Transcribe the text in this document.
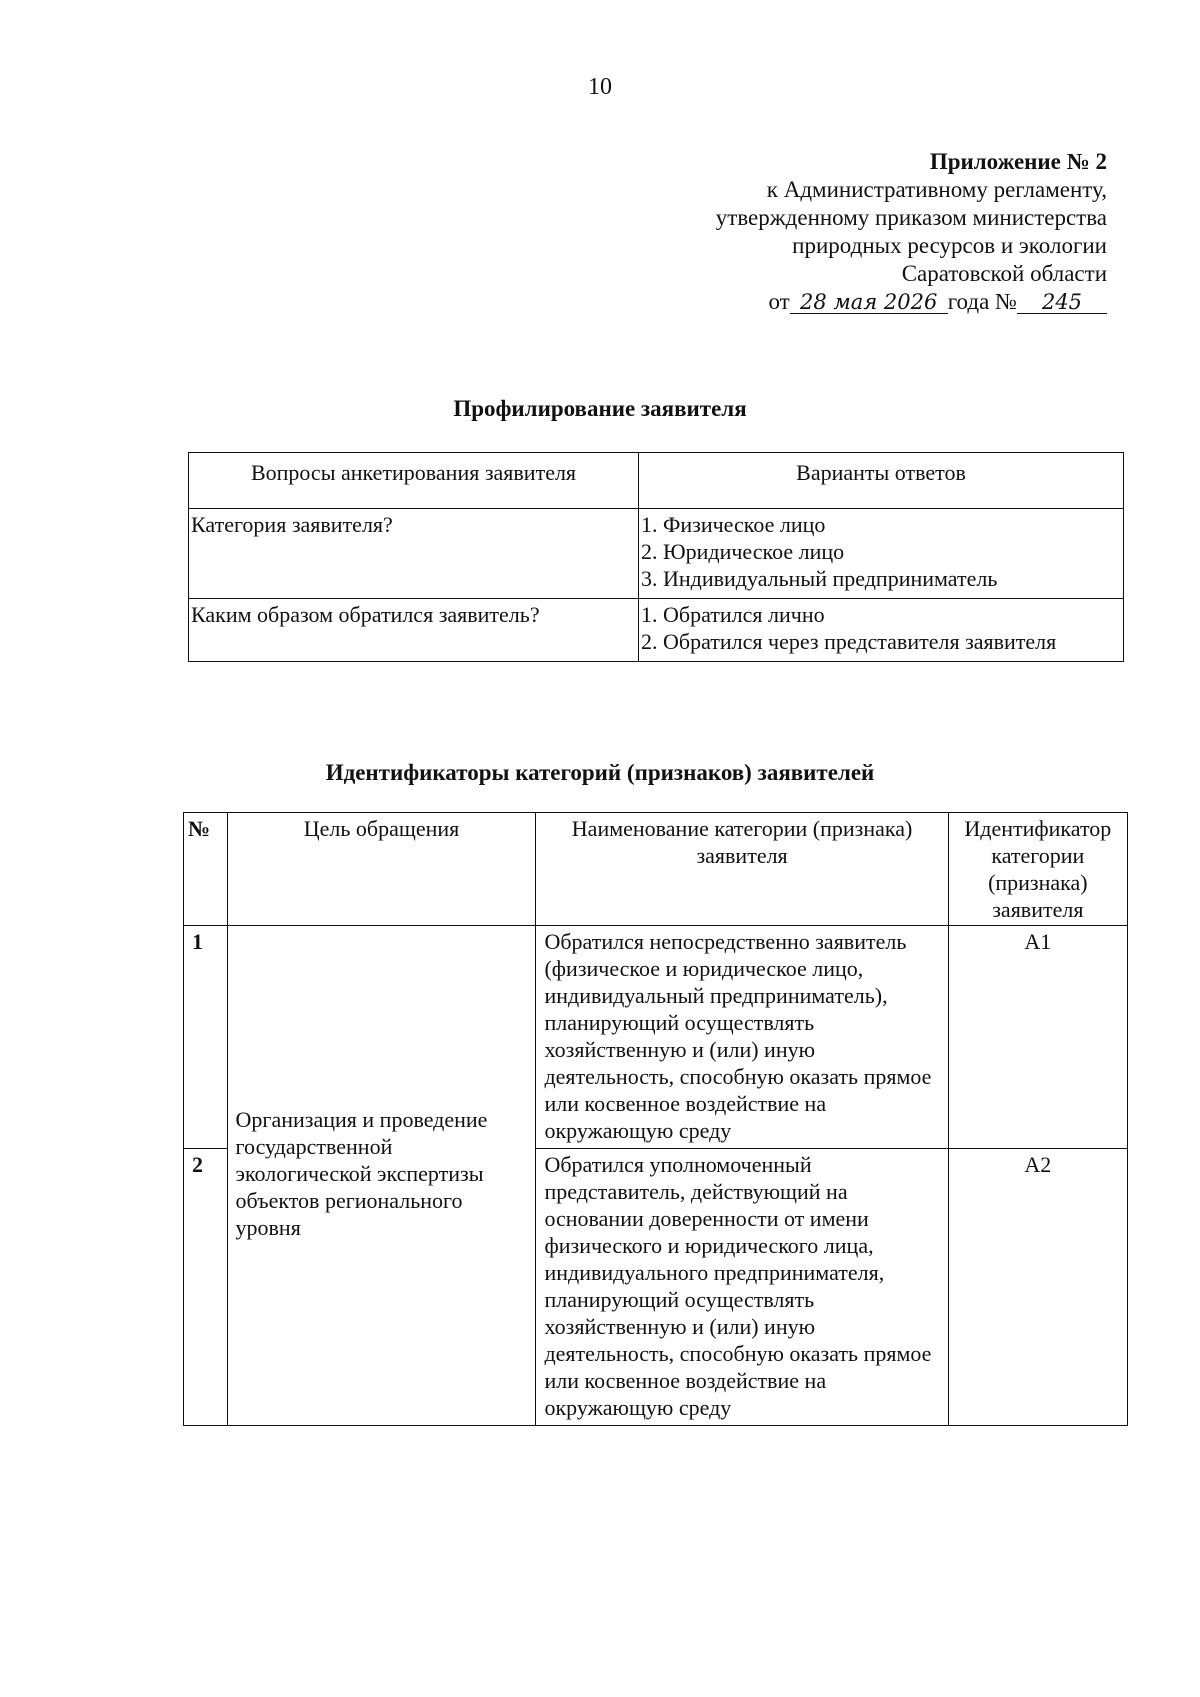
10
Приложение № 2
к Административному регламенту,
утвержденному приказом министерства
природных ресурсов и экологии
Саратовской области
от 28 мая 2026 года № 245
Профилирование заявителя
Вопросы анкетирования заявителя	Варианты ответов
Категория заявителя?	1. Физическое лицо
2. Юридическое лицо
3. Индивидуальный предприниматель

Каким образом обратился заявитель?	1. Обратился лично
2. Обратился через представителя заявителя
Идентификаторы категорий (признаков) заявителей
№	Цель обращения	Наименование категории (признака) заявителя	Идентификатор категории (признака) заявителя
1	Организация и проведение государственной экологической экспертизы объектов регионального уровня	Обратился непосредственно заявитель (физическое и юридическое лицо, индивидуальный предприниматель), планирующий осуществлять хозяйственную и (или) иную деятельность, способную оказать прямое или косвенное воздействие на окружающую среду	А1
2		Обратился уполномоченный представитель, действующий на основании доверенности от имени физического и юридического лица, индивидуального предпринимателя, планирующий осуществлять хозяйственную и (или) иную деятельность, способную оказать прямое или косвенное воздействие на окружающую среду	А2
